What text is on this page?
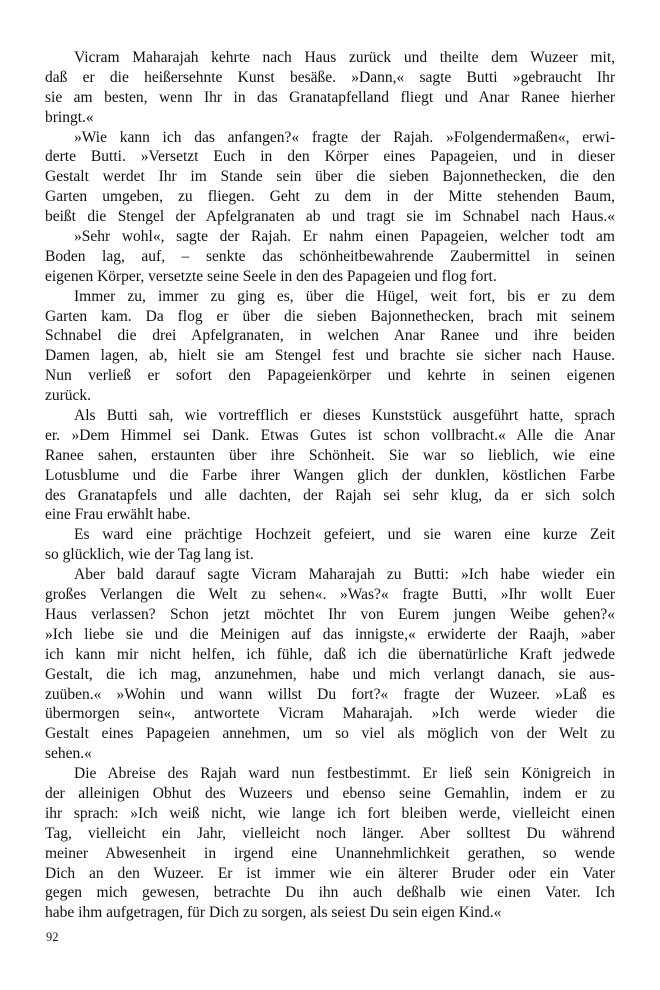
Vicram Maharajah kehrte nach Haus zurück und theilte dem Wuzeer mit,
daß er die heißersehnte Kunst besäße. »Dann,« sagte Butti »gebraucht Ihr
sie am besten, wenn Ihr in das Granatapfelland fliegt und Anar Ranee hierher
bringt.«
»Wie kann ich das anfangen?« fragte der Rajah. »Folgendermaßen«, erwi-
derte Butti. »Versetzt Euch in den Körper eines Papageien, und in dieser
Gestalt werdet Ihr im Stande sein über die sieben Bajonnethecken, die den
Garten umgeben, zu fliegen. Geht zu dem in der Mitte stehenden Baum,
beißt die Stengel der Apfelgranaten ab und tragt sie im Schnabel nach Haus.«
»Sehr wohl«, sagte der Rajah. Er nahm einen Papageien, welcher todt am
Boden lag, auf, – senkte das schönheitbewahrende Zaubermittel in seinen
eigenen Körper, versetzte seine Seele in den des Papageien und flog fort.
Immer zu, immer zu ging es, über die Hügel, weit fort, bis er zu dem
Garten kam. Da flog er über die sieben Bajonnethecken, brach mit seinem
Schnabel die drei Apfelgranaten, in welchen Anar Ranee und ihre beiden
Damen lagen, ab, hielt sie am Stengel fest und brachte sie sicher nach Hause.
Nun verließ er sofort den Papageienkörper und kehrte in seinen eigenen
zurück.
Als Butti sah, wie vortrefflich er dieses Kunststück ausgeführt hatte, sprach
er. »Dem Himmel sei Dank. Etwas Gutes ist schon vollbracht.« Alle die Anar
Ranee sahen, erstaunten über ihre Schönheit. Sie war so lieblich, wie eine
Lotusblume und die Farbe ihrer Wangen glich der dunklen, köstlichen Farbe
des Granatapfels und alle dachten, der Rajah sei sehr klug, da er sich solch
eine Frau erwählt habe.
Es ward eine prächtige Hochzeit gefeiert, und sie waren eine kurze Zeit
so glücklich, wie der Tag lang ist.
Aber bald darauf sagte Vicram Maharajah zu Butti: »Ich habe wieder ein
großes Verlangen die Welt zu sehen«. »Was?« fragte Butti, »Ihr wollt Euer
Haus verlassen? Schon jetzt möchtet Ihr von Eurem jungen Weibe gehen?«
»Ich liebe sie und die Meinigen auf das innigste,« erwiderte der Raajh, »aber
ich kann mir nicht helfen, ich fühle, daß ich die übernatürliche Kraft jedwede
Gestalt, die ich mag, anzunehmen, habe und mich verlangt danach, sie aus-
zuüben.« »Wohin und wann willst Du fort?« fragte der Wuzeer. »Laß es
übermorgen sein«, antwortete Vicram Maharajah. »Ich werde wieder die
Gestalt eines Papageien annehmen, um so viel als möglich von der Welt zu
sehen.«
Die Abreise des Rajah ward nun festbestimmt. Er ließ sein Königreich in
der alleinigen Obhut des Wuzeers und ebenso seine Gemahlin, indem er zu
ihr sprach: »Ich weiß nicht, wie lange ich fort bleiben werde, vielleicht einen
Tag, vielleicht ein Jahr, vielleicht noch länger. Aber solltest Du während
meiner Abwesenheit in irgend eine Unannehmlichkeit gerathen, so wende
Dich an den Wuzeer. Er ist immer wie ein älterer Bruder oder ein Vater
gegen mich gewesen, betrachte Du ihn auch deßhalb wie einen Vater. Ich
habe ihm aufgetragen, für Dich zu sorgen, als seiest Du sein eigen Kind.«
92
